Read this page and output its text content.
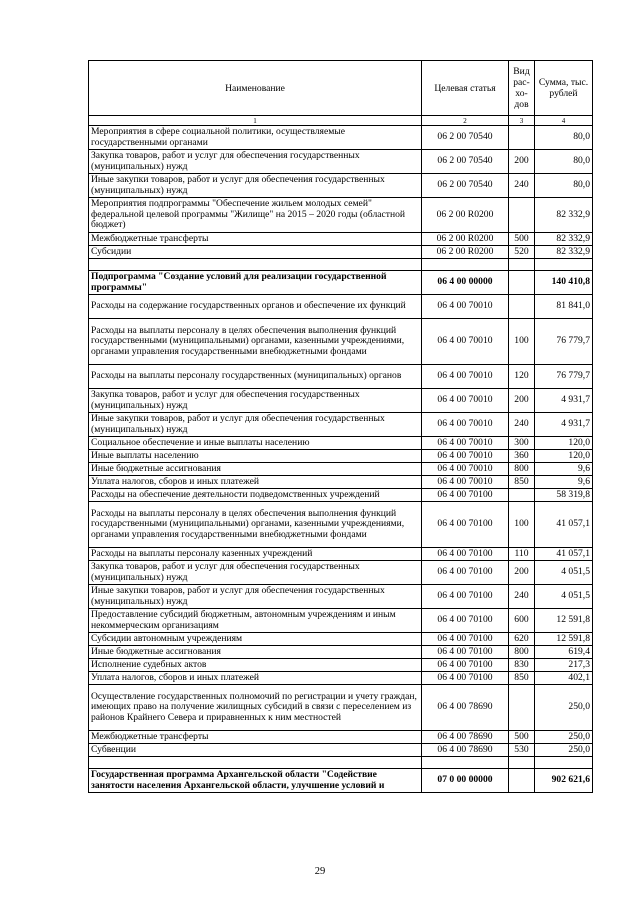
Наименование	Целевая статья	Вид рас- хо- дов	Сумма, тыс. рублей
1	2	3	4
Мероприятия в сфере социальной политики, осуществляемые государственными органами	06 2 00 70540		80,0
Закупка товаров, работ и услуг для обеспечения государственных (муниципальных) нужд	06 2 00 70540	200	80,0
Иные закупки товаров, работ и услуг для обеспечения государственных (муниципальных) нужд	06 2 00 70540	240	80,0
Мероприятия подпрограммы "Обеспечение жильем молодых семей" федеральной целевой программы "Жилище" на 2015 – 2020 годы (областной бюджет)	06 2 00 R0200		82 332,9
Межбюджетные трансферты	06 2 00 R0200	500	82 332,9
Субсидии	06 2 00 R0200	520	82 332,9

Подпрограмма "Создание условий для реализации государственной программы"	06 4 00 00000		140 410,8
Расходы на содержание государственных органов и обеспечение их функций	06 4 00 70010		81 841,0
Расходы на выплаты персоналу в целях обеспечения выполнения функций государственными (муниципальными) органами, казенными учреждениями, органами управления государственными внебюджетными фондами	06 4 00 70010	100	76 779,7
Расходы на выплаты персоналу государственных (муниципальных) органов	06 4 00 70010	120	76 779,7
Закупка товаров, работ и услуг для обеспечения государственных (муниципальных) нужд	06 4 00 70010	200	4 931,7
Иные закупки товаров, работ и услуг для обеспечения государственных (муниципальных) нужд	06 4 00 70010	240	4 931,7
Социальное обеспечение и иные выплаты населению	06 4 00 70010	300	120,0
Иные выплаты населению	06 4 00 70010	360	120,0
Иные бюджетные ассигнования	06 4 00 70010	800	9,6
Уплата налогов, сборов и иных платежей	06 4 00 70010	850	9,6
Расходы на обеспечение деятельности подведомственных учреждений	06 4 00 70100		58 319,8
Расходы на выплаты персоналу в целях обеспечения выполнения функций государственными (муниципальными) органами, казенными учреждениями, органами управления государственными внебюджетными фондами	06 4 00 70100	100	41 057,1
Расходы на выплаты персоналу казенных учреждений	06 4 00 70100	110	41 057,1
Закупка товаров, работ и услуг для обеспечения государственных (муниципальных) нужд	06 4 00 70100	200	4 051,5
Иные закупки товаров, работ и услуг для обеспечения государственных (муниципальных) нужд	06 4 00 70100	240	4 051,5
Предоставление субсидий бюджетным, автономным учреждениям и иным некоммерческим организациям	06 4 00 70100	600	12 591,8
Субсидии автономным учреждениям	06 4 00 70100	620	12 591,8
Иные бюджетные ассигнования	06 4 00 70100	800	619,4
Исполнение судебных актов	06 4 00 70100	830	217,3
Уплата налогов, сборов и иных платежей	06 4 00 70100	850	402,1
Осуществление государственных полномочий по регистрации и учету граждан, имеющих право на получение жилищных субсидий в связи с переселением из районов Крайнего Севера и приравненных к ним местностей	06 4 00 78690		250,0
Межбюджетные трансферты	06 4 00 78690	500	250,0
Субвенции	06 4 00 78690	530	250,0

Государственная программа Архангельской области "Содействие занятости населения Архангельской области, улучшение условий и	07 0 00 00000		902 621,6
29
